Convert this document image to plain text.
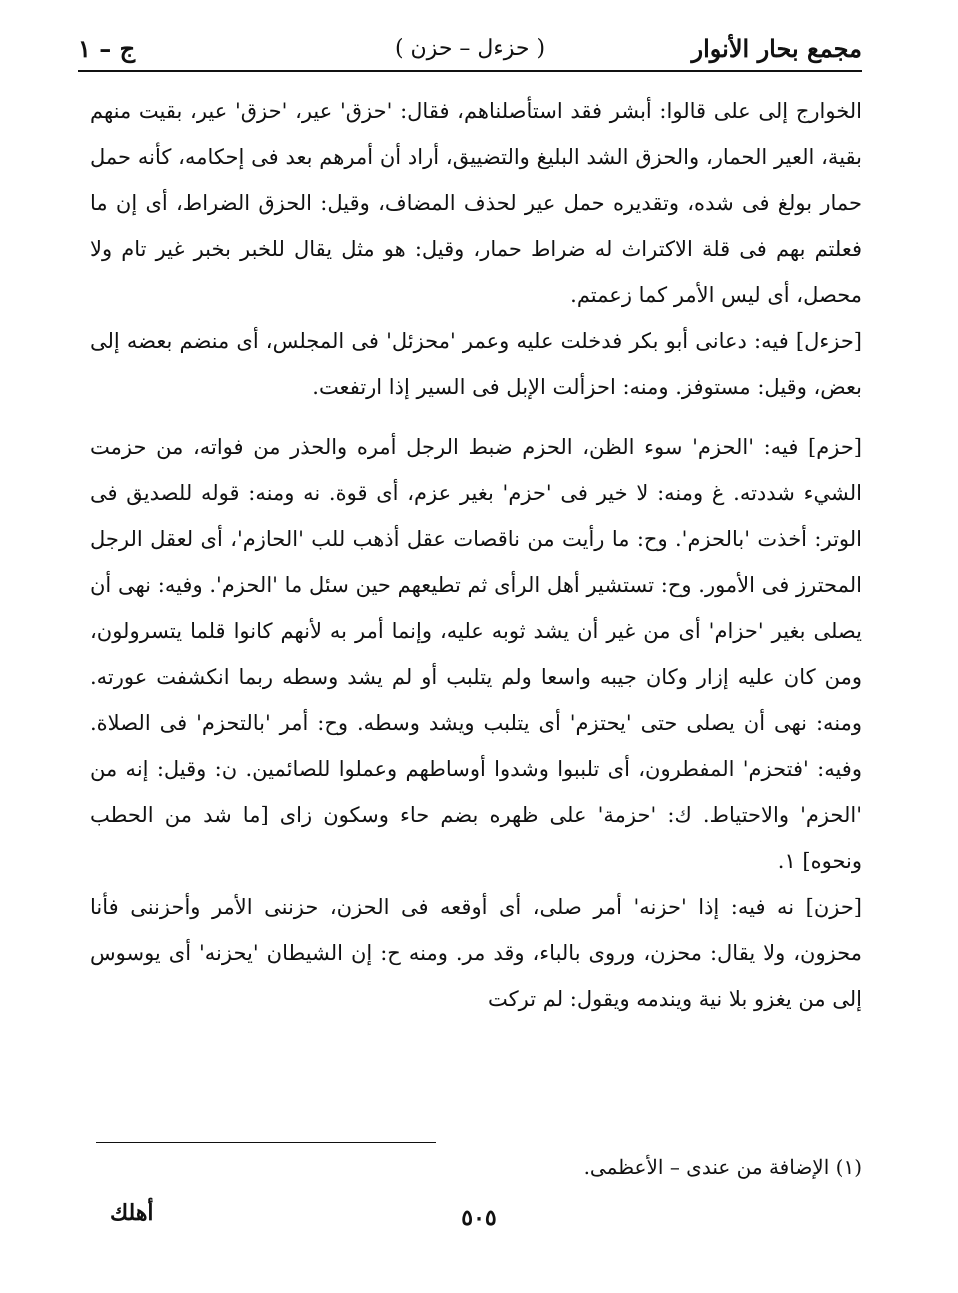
مجمع بحار الأنوار
( حزءل – حزن )
ج – ١

الخوارج إلى على قالوا: أبشر فقد استأصلناهم، فقال: 'حزق' عير، 'حزق' عير، بقيت منهم بقية، العير الحمار، والحزق الشد البليغ والتضييق، أراد أن أمرهم بعد فى إحكامه، كأنه حمل حمار بولغ فى شده، وتقديره حمل عير لحذف المضاف، وقيل: الحزق الضراط، أى إن ما فعلتم بهم فى قلة الاكتراث له ضراط حمار، وقيل: هو مثل يقال للخبر بخبر غير تام ولا محصل، أى ليس الأمر كما زعمتم.

[حزءل] فيه: دعانى أبو بكر فدخلت عليه وعمر 'محزئل' فى المجلس، أى منضم بعضه إلى بعض، وقيل: مستوفز. ومنه: احزألت الإبل فى السير إذا ارتفعت.

[حزم] فيه: 'الحزم' سوء الظن، الحزم ضبط الرجل أمره والحذر من فواته، من حزمت الشيء شددته. غ ومنه: لا خير فى 'حزم' بغير عزم، أى قوة. نه ومنه: قوله للصديق فى الوتر: أخذت 'بالحزم'. وح: ما رأيت من ناقصات عقل أذهب للب 'الحازم'، أى لعقل الرجل المحترز فى الأمور. وح: تستشير أهل الرأى ثم تطيعهم حين سئل ما 'الحزم'. وفيه: نهى أن يصلى بغير 'حزام' أى من غير أن يشد ثوبه عليه، وإنما أمر به لأنهم كانوا قلما يتسرولون، ومن كان عليه إزار وكان جيبه واسعا ولم يتلبب أو لم يشد وسطه ربما انكشفت عورته. ومنه: نهى أن يصلى حتى 'يحتزم' أى يتلبب ويشد وسطه. وح: أمر 'بالتحزم' فى الصلاة. وفيه: 'فتحزم' المفطرون، أى تلببوا وشدوا أوساطهم وعملوا للصائمين. ن: وقيل: إنه من 'الحزم' والاحتياط. ك: 'حزمة' على ظهره بضم حاء وسكون زاى [ما شد من الحطب ونحوه] ١.

[حزن] نه فيه: إذا 'حزنه' أمر صلى، أى أوقعه فى الحزن، حزننى الأمر وأحزننى فأنا محزون، ولا يقال: محزن، وروى بالباء، وقد مر. ومنه ح: إن الشيطان 'يحزنه' أى يوسوس إلى من يغزو بلا نية ويندمه ويقول: لم تركت

(١) الإضافة من عندى – الأعظمى.
٥٠٥
أهلك
